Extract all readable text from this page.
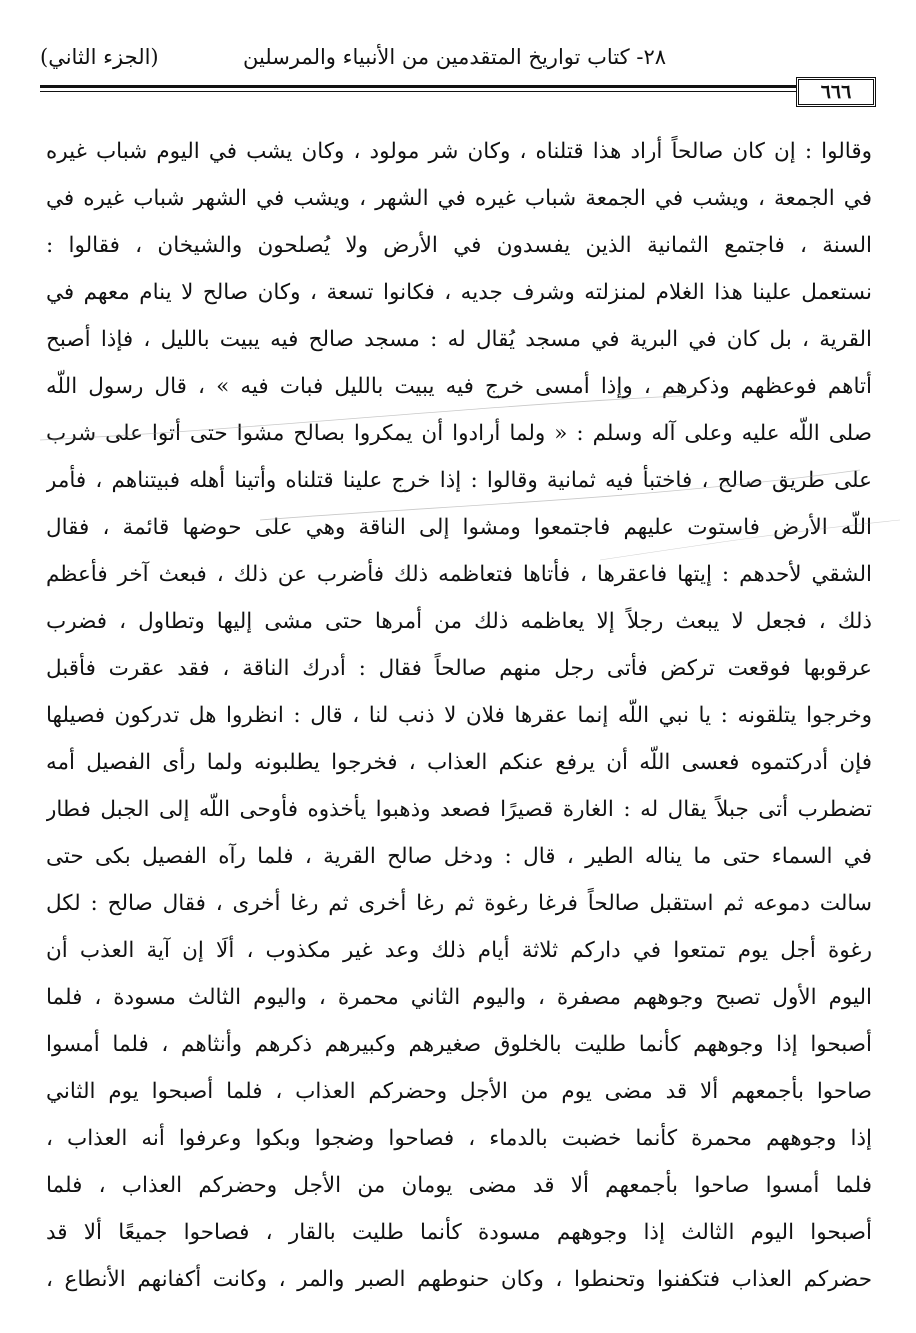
٢٨- كتاب تواريخ المتقدمين من الأنبياء والمرسلين
(الجزء الثاني)
٦٦٦
وقالوا : إن كان صالحاً أراد هذا قتلناه ، وكان شر مولود ، وكان يشب في اليوم شباب غيره
في الجمعة ، ويشب في الجمعة شباب غيره في الشهر ، ويشب في الشهر شباب غيره في
السنة ، فاجتمع الثمانية الذين يفسدون في الأرض ولا يُصلحون والشيخان ، فقالوا :
نستعمل علينا هذا الغلام لمنزلته وشرف جديه ، فكانوا تسعة ، وكان صالح لا ينام معهم في
القرية ، بل كان في البرية في مسجد يُقال له : مسجد صالح فيه يبيت بالليل ، فإذا أصبح
أتاهم فوعظهم وذكرهم ، وإذا أمسى خرج فيه يبيت بالليل فبات فيه » ، قال رسول اللّه
صلى اللّه عليه وعلى آله وسلم : « ولما أرادوا أن يمكروا بصالح مشوا حتى أتوا على شرب
على طريق صالح ، فاختبأ فيه ثمانية وقالوا : إذا خرج علينا قتلناه وأتينا أهله فبيتناهم ، فأمر
اللّه الأرض فاستوت عليهم فاجتمعوا ومشوا إلى الناقة وهي على حوضها قائمة ، فقال
الشقي لأحدهم : إيتها فاعقرها ، فأتاها فتعاظمه ذلك فأضرب عن ذلك ، فبعث آخر فأعظم
ذلك ، فجعل لا يبعث رجلاً إلا يعاظمه ذلك من أمرها حتى مشى إليها وتطاول ، فضرب
عرقوبها فوقعت تركض فأتى رجل منهم صالحاً فقال : أدرك الناقة ، فقد عقرت فأقبل
وخرجوا يتلقونه : يا نبي اللّه إنما عقرها فلان لا ذنب لنا ، قال : انظروا هل تدركون فصيلها
فإن أدركتموه فعسى اللّه أن يرفع عنكم العذاب ، فخرجوا يطلبونه ولما رأى الفصيل أمه
تضطرب أتى جبلاً يقال له : الغارة قصيرًا فصعد وذهبوا يأخذوه فأوحى اللّه إلى الجبل فطار
في السماء حتى ما يناله الطير ، قال : ودخل صالح القرية ، فلما رآه الفصيل بكى حتى
سالت دموعه ثم استقبل صالحاً فرغا رغوة ثم رغا أخرى ثم رغا أخرى ، فقال صالح : لكل
رغوة أجل يوم تمتعوا في داركم ثلاثة أيام ذلك وعد غير مكذوب ، ألَا إن آية العذب أن
اليوم الأول تصبح وجوههم مصفرة ، واليوم الثاني محمرة ، واليوم الثالث مسودة ، فلما
أصبحوا إذا وجوههم كأنما طليت بالخلوق صغيرهم وكبيرهم ذكرهم وأنثاهم ، فلما أمسوا
صاحوا بأجمعهم ألا قد مضى يوم من الأجل وحضركم العذاب ، فلما أصبحوا يوم الثاني
إذا وجوههم محمرة كأنما خضبت بالدماء ، فصاحوا وضجوا وبكوا وعرفوا أنه العذاب ،
فلما أمسوا صاحوا بأجمعهم ألا قد مضى يومان من الأجل وحضركم العذاب ، فلما
أصبحوا اليوم الثالث إذا وجوههم مسودة كأنما طليت بالقار ، فصاحوا جميعًا ألا قد
حضركم العذاب فتكفنوا وتحنطوا ، وكان حنوطهم الصبر والمر ، وكانت أكفانهم الأنطاع ،
